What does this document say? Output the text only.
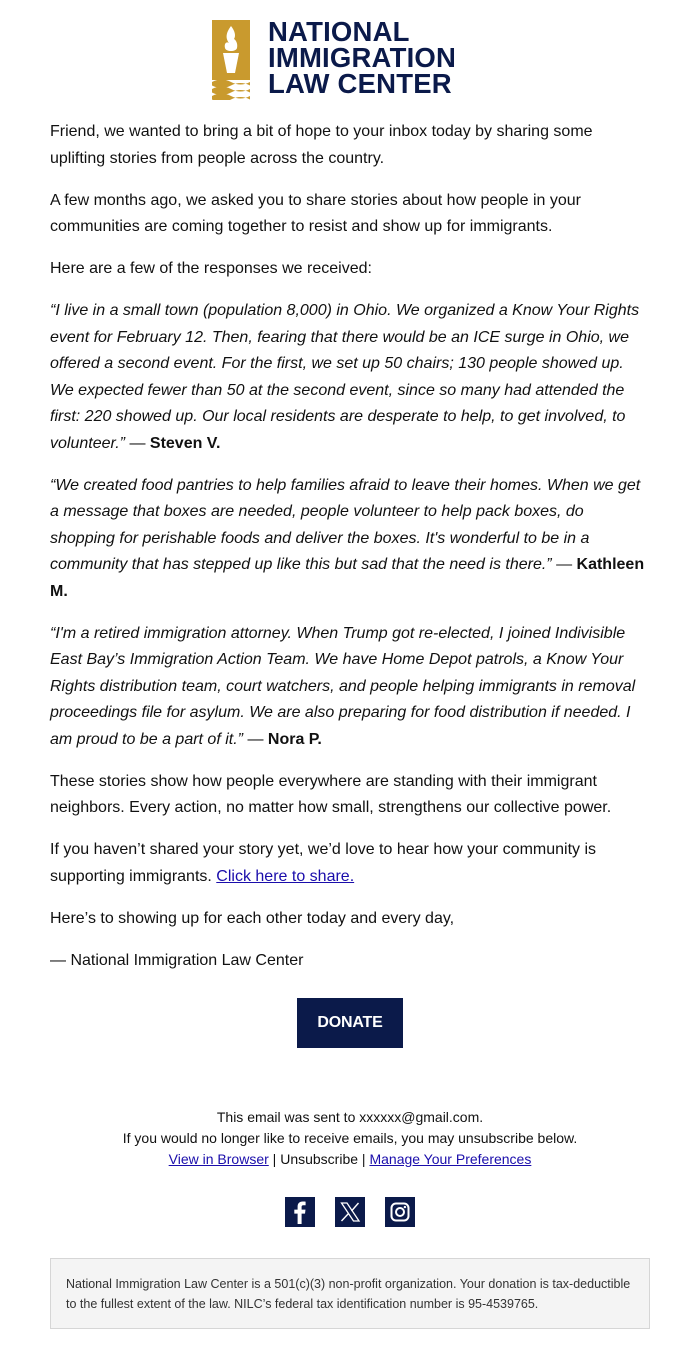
NATIONAL
IMMIGRATION
LAW CENTER

Friend, we wanted to bring a bit of hope to your inbox today by sharing some uplifting stories from people across the country.

A few months ago, we asked you to share stories about how people in your communities are coming together to resist and show up for immigrants.

Here are a few of the responses we received:

“I live in a small town (population 8,000) in Ohio. We organized a Know Your Rights event for February 12. Then, fearing that there would be an ICE surge in Ohio, we offered a second event. For the first, we set up 50 chairs; 130 people showed up. We expected fewer than 50 at the second event, since so many had attended the first: 220 showed up. Our local residents are desperate to help, to get involved, to volunteer.” — Steven V.

“We created food pantries to help families afraid to leave their homes. When we get a message that boxes are needed, people volunteer to help pack boxes, do shopping for perishable foods and deliver the boxes. It's wonderful to be in a community that has stepped up like this but sad that the need is there.” — Kathleen M.

“I'm a retired immigration attorney. When Trump got re-elected, I joined Indivisible East Bay’s Immigration Action Team. We have Home Depot patrols, a Know Your Rights distribution team, court watchers, and people helping immigrants in removal proceedings file for asylum. We are also preparing for food distribution if needed. I am proud to be a part of it.” — Nora P.

These stories show how people everywhere are standing with their immigrant neighbors. Every action, no matter how small, strengthens our collective power.

If you haven’t shared your story yet, we’d love to hear how your community is supporting immigrants. Click here to share.

Here’s to showing up for each other today and every day,

— National Immigration Law Center

DONATE
This email was sent to xxxxxx@gmail.com.
If you would no longer like to receive emails, you may unsubscribe below.
View in Browser | Unsubscribe | Manage Your Preferences
National Immigration Law Center is a 501(c)(3) non-profit organization. Your donation is tax-deductible to the fullest extent of the law. NILC’s federal tax identification number is 95-4539765.
